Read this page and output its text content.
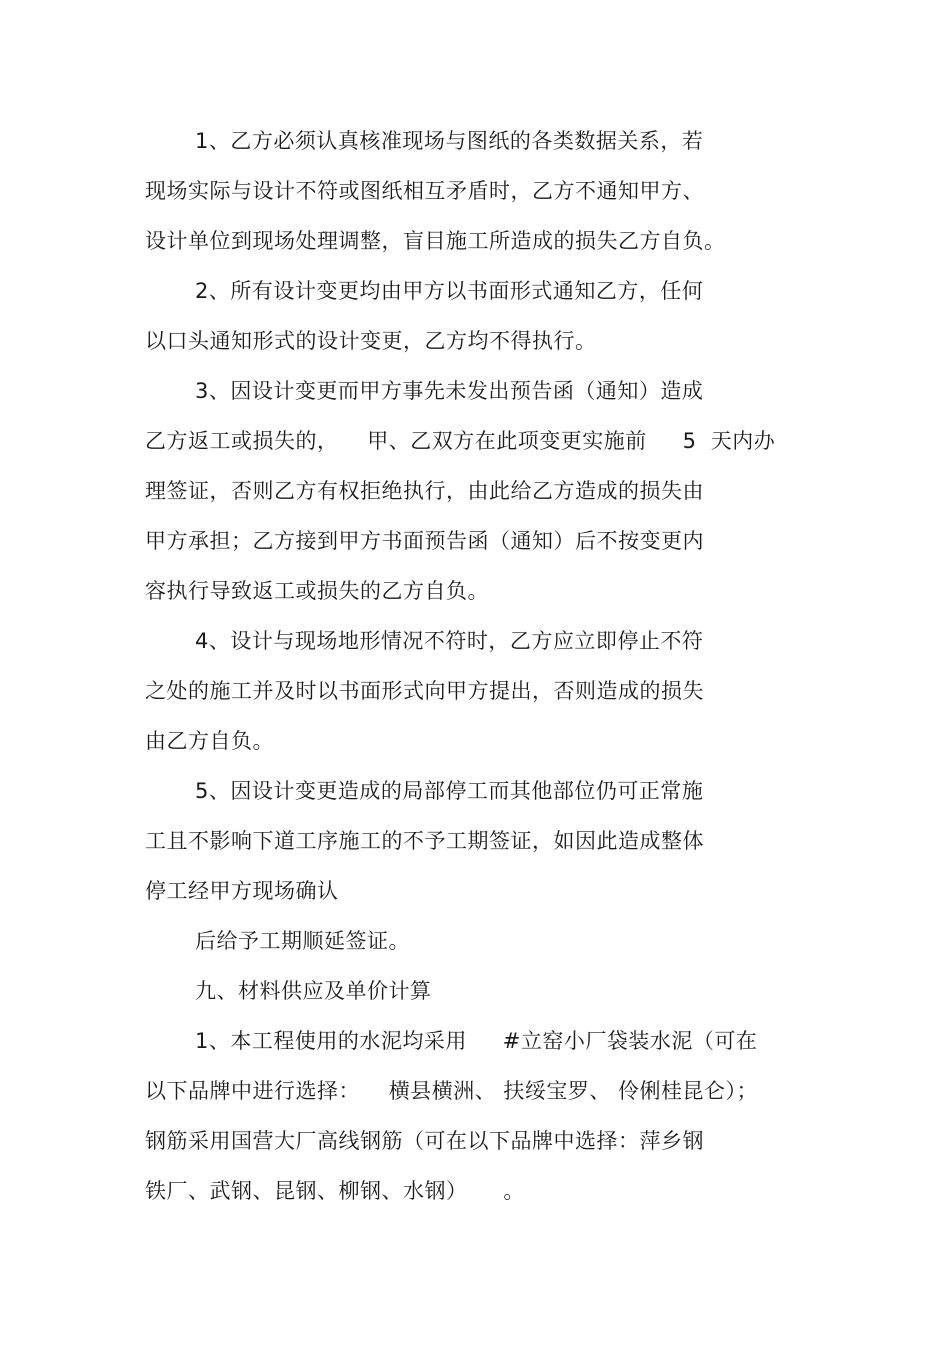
1、乙方必须认真核准现场与图纸的各类数据关系，若
现场实际与设计不符或图纸相互矛盾时，乙方不通知甲方、
设计单位到现场处理调整，盲目施工所造成的损失乙方自负。
2、所有设计变更均由甲方以书面形式通知乙方，任何
以口头通知形式的设计变更，乙方均不得执行。
3、因设计变更而甲方事先未发出预告函（通知）造成
乙方返工或损失的，    甲、乙双方在此项变更实施前     5  天内办
理签证，否则乙方有权拒绝执行，由此给乙方造成的损失由
甲方承担；乙方接到甲方书面预告函（通知）后不按变更内
容执行导致返工或损失的乙方自负。
4、设计与现场地形情况不符时，乙方应立即停止不符
之处的施工并及时以书面形式向甲方提出，否则造成的损失
由乙方自负。
5、因设计变更造成的局部停工而其他部位仍可正常施
工且不影响下道工序施工的不予工期签证，如因此造成整体
停工经甲方现场确认
后给予工期顺延签证。
九、材料供应及单价计算
1、本工程使用的水泥均采用     #立窑小厂袋装水泥（可在
以下品牌中进行选择：    横县横洲、 扶绥宝罗、 伶俐桂昆仑）；
钢筋采用国营大厂高线钢筋（可在以下品牌中选择：萍乡钢
铁厂、武钢、昆钢、柳钢、水钢）     。
